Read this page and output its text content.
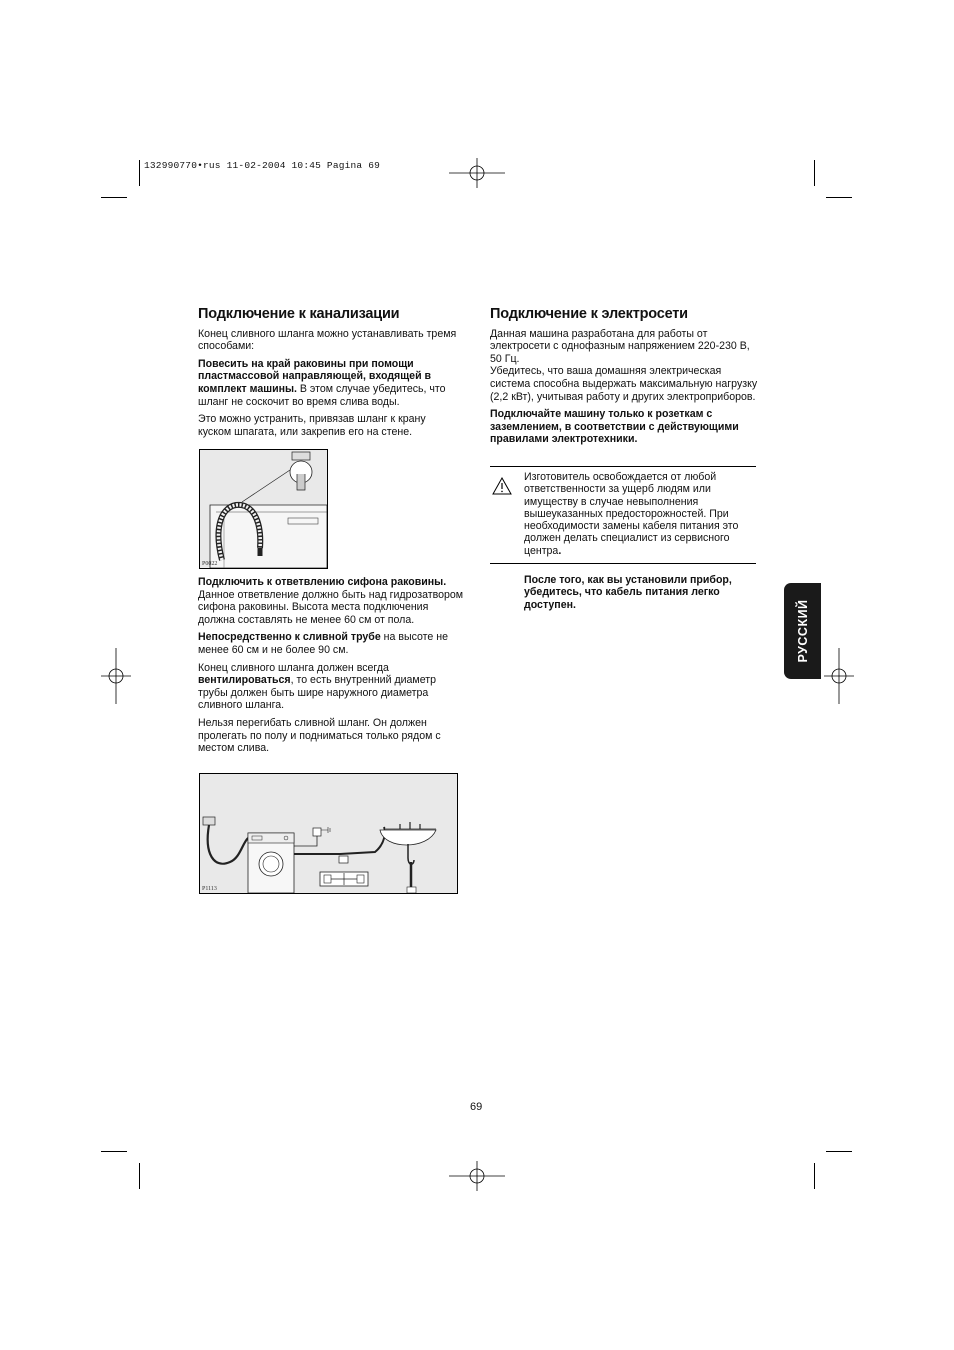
132990770•rus 11-02-2004 10:45 Pagina 69
Подключение к канализации

Конец сливного шланга можно устанавливать тремя способами:

Повесить на край раковины при помощи пластмассовой направляющей, входящей в комплект машины. В этом случае убедитесь, что шланг не соскочит во время слива воды.

Это можно устранить, привязав шланг к крану куском шпагата, или закрепив его на стене.

P0022

Подключить к ответвлению сифона раковины. Данное ответвление должно быть над гидрозатвором сифона раковины. Высота места подключения должна составлять не менее 60 см от пола.

Непосредственно к сливной трубе на высоте не менее 60 см и не более 90 см.

Конец сливного шланга должен всегда вентилироваться, то есть внутренний диаметр трубы должен быть шире наружного диаметра сливного шланга.

Нельзя перегибать сливной шланг. Он должен пролегать по полу и подниматься только рядом с местом слива.

P1113
Подключение к электросети
Данная машина разработана для работы от электросети с однофазным напряжением 220-230 В, 50 Гц.

Убедитесь, что ваша домашняя электрическая система способна выдержать максимальную нагрузку (2,2 кВт), учитывая работу и других электроприборов.

Подключайте машину только к розеткам с заземлением, в соответствии с действующими правилами электротехники.

Изготовитель освобождается от любой ответственности за ущерб людям или имуществу в случае невыполнения вышеуказанных предосторожностей. При необходимости замены кабеля питания это должен делать специалист из сервисного центра.
После того, как вы установили прибор, убедитесь, что кабель питания легко доступен.	РУССКИЙ
69
